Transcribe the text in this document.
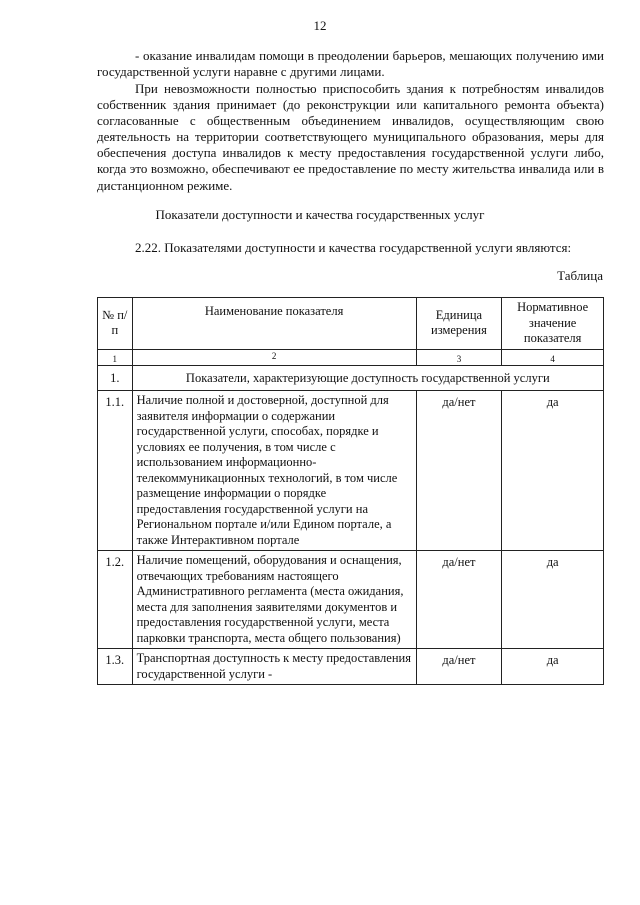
12

- оказание инвалидам помощи в преодолении барьеров, мешающих получению ими государственной услуги наравне с другими лицами.

При невозможности полностью приспособить здания к потребностям инвалидов собственник здания принимает (до реконструкции или капитального ремонта объекта) согласованные с общественным объединением инвалидов, осуществляющим свою деятельность на территории соответствующего муниципального образования, меры для обеспечения доступа инвалидов к месту предоставления государственной услуги либо, когда это возможно, обеспечивают ее предоставление по месту жительства инвалида или в дистанционном режиме.

Показатели доступности и качества государственных услуг

2.22. Показателями доступности и качества государственной услуги являются:

Таблица
№ п/п	Наименование показателя	Единица измерения	Нормативное значение показателя
1	2	3	4
1.	Показатели, характеризующие доступность государственной услуги		
1.1.	Наличие полной и достоверной, доступной для заявителя информации о содержании государственной услуги, способах, порядке и условиях ее получения, в том числе с использованием информационно-телекоммуникационных технологий, в том числе размещение информации о порядке предоставления государственной услуги на Региональном портале и/или Едином портале, а также Интерактивном портале	да/нет	да
1.2.	Наличие помещений, оборудования и оснащения, отвечающих требованиям настоящего Административного регламента (места ожидания, места для заполнения заявителями документов и предоставления государственной услуги, места парковки транспорта, места общего пользования)	да/нет	да
1.3.	Транспортная доступность к месту предоставления государственной услуги -	да/нет	да
